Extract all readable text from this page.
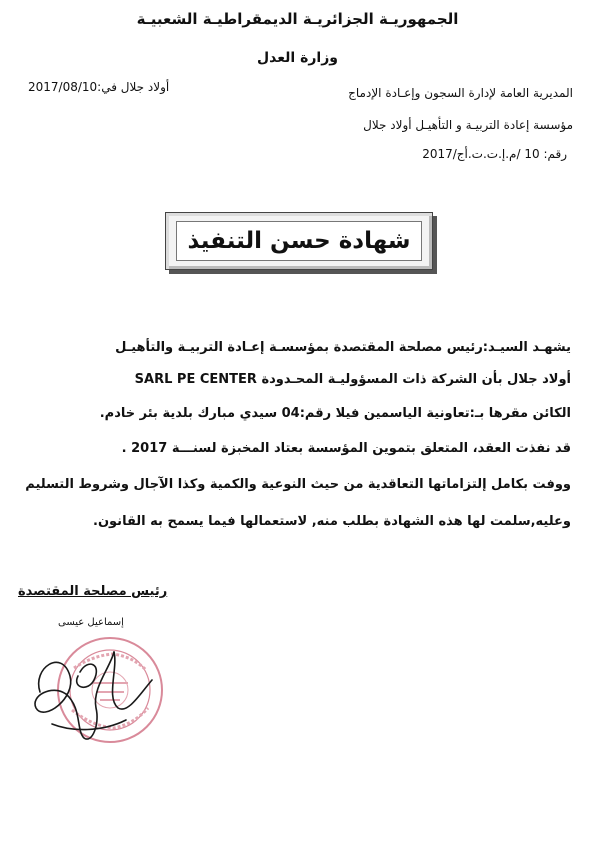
الجمهوريـة الجزائريـة الديمقراطيـة الشعبيـة
وزارة العدل
أولاد جلال في:2017/08/10	المديرية العامة لإدارة السجون وإعـادة الإدماج
مؤسسة إعادة التربيـة و التأهيـل أولاد جلال
رقم: 10 /م.إ.ت.ت.أج/2017
شهادة حسن التنفيذ
يشهـد السيـد:رئيس مصلحة المقتصدة بمؤسسـة إعـادة التربيـة والتأهيـل
أولاد جلال بأن الشركة ذات المسؤوليـة المحـدودة SARL PE CENTER
الكائن مقرها بـ:تعاونية الياسمين فيلا رقم:04 سيدي مبارك بلدية بئر خادم.
قد نفذت العقد، المتعلق بتموين المؤسسة بعتاد المخبزة لسنـــة 2017 .
ووفت بكامل إلتزاماتها التعاقدية من حيث النوعية والكمية وكذا الآجال وشروط التسليم
وعليه,سلمت لها هذه الشهادة بطلب منه, لاستعمالها فيما يسمح به القانون.
رئيس مصلحة المقتصدة
إسماعيل عيسى
